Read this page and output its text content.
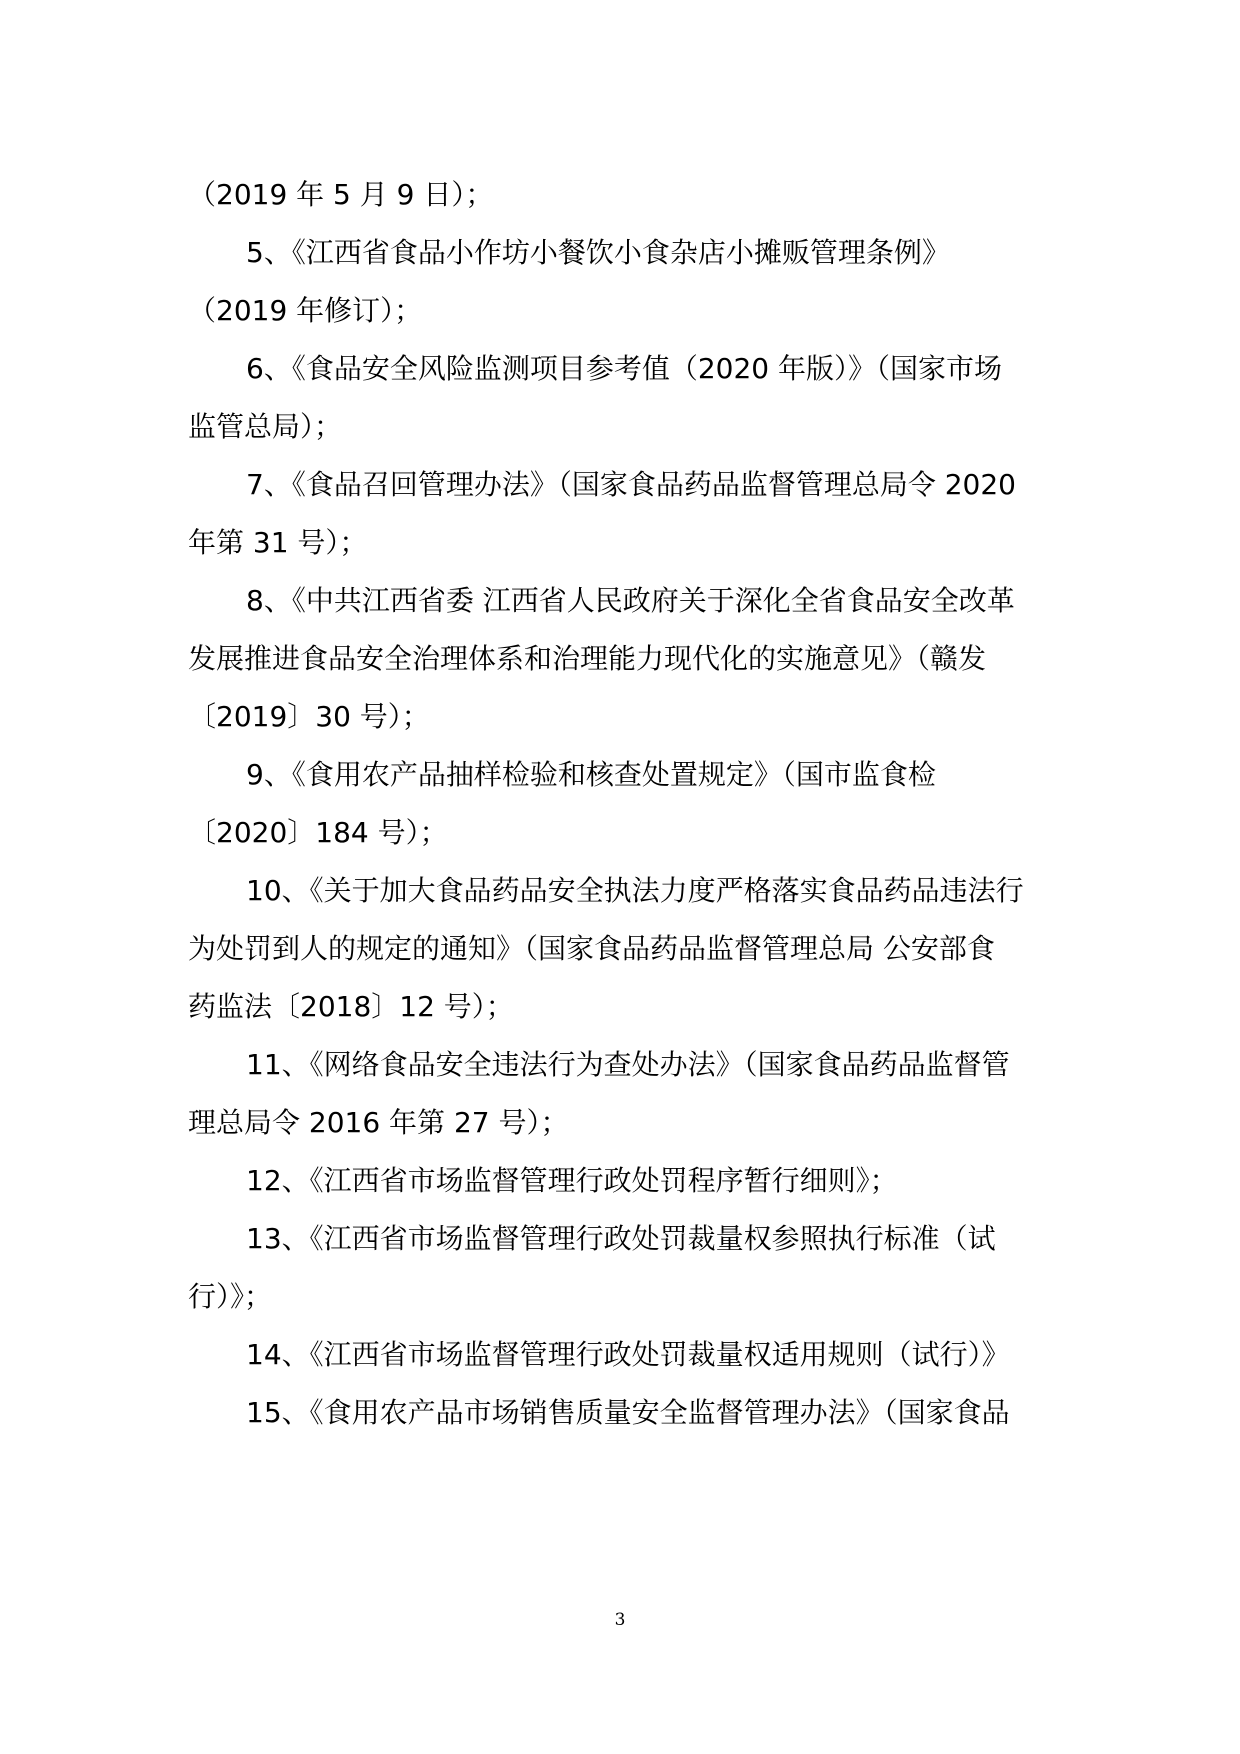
（2019 年 5 月 9 日）；
5、《江西省食品小作坊小餐饮小食杂店小摊贩管理条例》
（2019 年修订）；
6、《食品安全风险监测项目参考值（2020 年版）》（国家市场
监管总局）；
7、《食品召回管理办法》（国家食品药品监督管理总局令 2020
年第 31 号）；
8、《中共江西省委 江西省人民政府关于深化全省食品安全改革
发展推进食品安全治理体系和治理能力现代化的实施意见》（赣发
〔2019〕30 号）；
9、《食用农产品抽样检验和核查处置规定》（国市监食检
〔2020〕184 号）；
10、《关于加大食品药品安全执法力度严格落实食品药品违法行
为处罚到人的规定的通知》（国家食品药品监督管理总局 公安部食
药监法〔2018〕12 号）；
11、《网络食品安全违法行为查处办法》（国家食品药品监督管
理总局令 2016 年第 27 号）；
12、《江西省市场监督管理行政处罚程序暂行细则》；
13、《江西省市场监督管理行政处罚裁量权参照执行标准（试
行）》；
14、《江西省市场监督管理行政处罚裁量权适用规则（试行）》
15、《食用农产品市场销售质量安全监督管理办法》（国家食品
3
